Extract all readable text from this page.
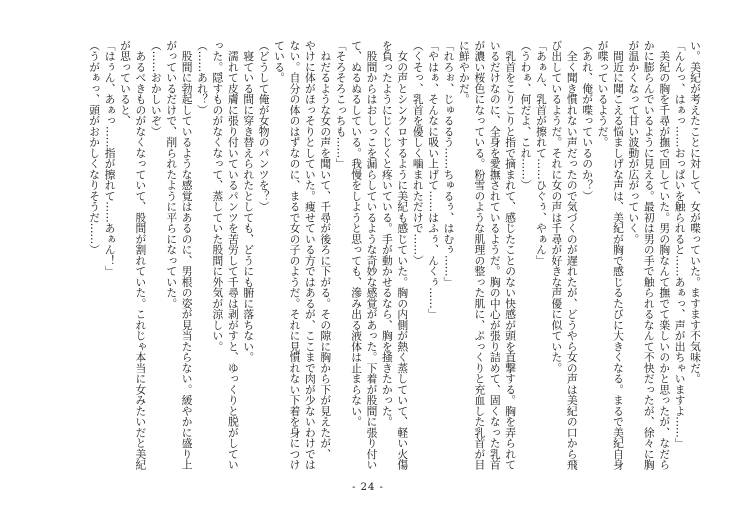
い。美紀が考えたことに対して、女が喋っていた。ますます不気味だ。
「んんっ、はぁっ……おっぱいを触られると……あぁっ、声が出ちゃいますよ……」
　美紀の胸を千尋が撫で回していた。男の胸なんて撫でて楽しいのかと思ったが、なだら
かに膨らんでいるように見える。最初は男の手で触られるなんて不快だったが、徐々に胸
が温かくなって甘い波動が広がっていく。
　間近に聞こえる悩ましげな声は、美紀が胸で感じるたびに大きくなる。まるで美紀自身
が喋っているようだ。
（あれ、俺が喋っているのか？）
　全く聞き慣れない声だったので気づくのが遅れたが、どうやら女の声は美紀の口から飛
び出しているようだ。それに女の声は千尋が好きな声優に似ていた。
「あぁん、乳首が擦れて……ひぐぅ、やぁん」
（うわぁ、何だよ、これ……）
　乳首をこりこりと指で摘まれて、感じたことのない快感が頭を直撃する。胸を弄られて
いるだけなのに、全身を愛撫されているようだ。胸の中心が張り詰めて、固くなった乳首
が濃い桜色になっている。粉雪のような肌理の整った肌に、ぷっくりと充血した乳首が目
に鮮やかだ。
「れろぉ、じゅるるう……ちゅるぅ、はむぅ……」
「やはぁ、そんなに吸い上げて……はふぅ、んくぅ……」
（くそっ、乳首を優しく噛まれただけで……）
　女の声とシンクロするように美紀も感じていた。胸の内側が熱く蒸していて、軽い火傷
を負ったようにじくじくと疼いている。手が動かせるなら、胸を掻きたかった。
　股間からはおしっこを漏らしているような奇妙な感覚があった。下着が股間に張り付い
て、ぬるぬるしている。我慢をしようと思っても、滲み出る液体は止まらない。
「そろそろこっちも……」
　ねだるような女の声を聞いて、千尋が後ろに下がる。その隙に胸から下が見えたが、
やけに体がほっそりとしていた。痩せている方ではあるが、ここまで肉が少ないわけでは
ない。自分の体のはずなのに、まるで女の子のようだ。それに見慣れない下着を身につけ
ている。
（どうして俺が女物のパンツを？）
　寝ている間に穿き替えられたとしても、どうにも腑に落ちない。
　濡れて皮膚に張り付いているパンツを苦労して千尋は剥がすと、ゆっくりと脱がしてい
った。隠すものがなくなって、蒸していた股間に外気が涼しい。
（……あれ？）
　股間に勃起しているような感覚はあるのに、男根の姿が見当たらない。緩やかに盛り上
がっているだけで、削られたように平らになっていた。
（……おかしいぞ）
　あるべきものがなくなっていて、股間が割れていた。これじゃ本当に女みたいだと美紀
が思っていると、
「はぅん、あぁっ……指が擦れて……あぁん！」
（うがぁっ、頭がおかしくなりそうだ……）
- 24 -
